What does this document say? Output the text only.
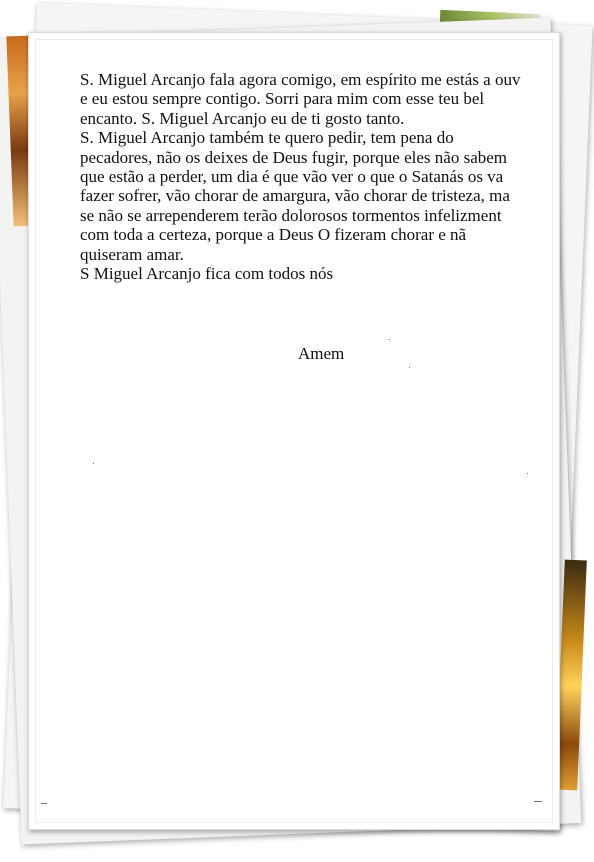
S. Miguel Arcanjo fala agora comigo, em espírito me estás a ouv
e eu estou sempre contigo. Sorri para mim com esse teu bel
encanto. S. Miguel Arcanjo eu de ti gosto tanto.
S. Miguel Arcanjo também te quero pedir, tem pena do
pecadores, não os deixes de Deus fugir, porque eles não sabem
que estão a perder, um dia é que vão ver o que o Satanás os va
fazer sofrer, vão chorar de amargura, vão chorar de tristeza, ma
se não se arrependerem terão dolorosos tormentos infelizment
com toda a certeza, porque a Deus O fizeram chorar e nã
quiseram amar.
S Miguel Arcanjo fica com todos nós
Amem
